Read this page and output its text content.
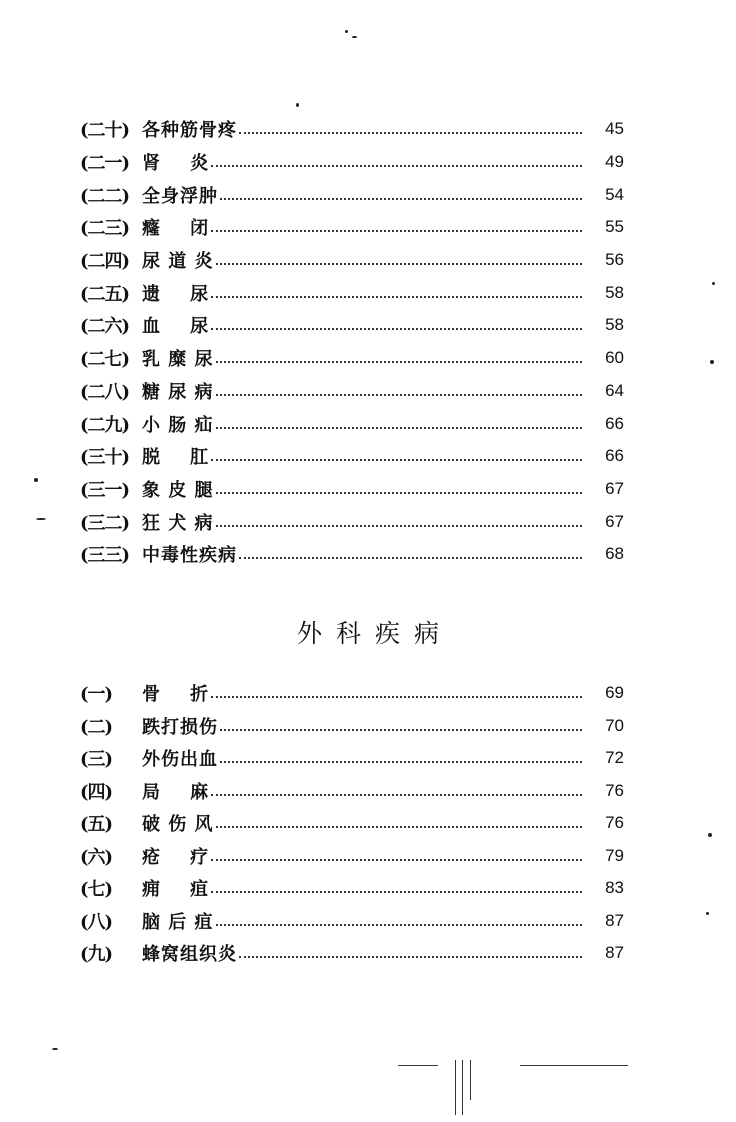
(二十) 各种筋骨疼	45
(二一) 肾    炎	49
(二二) 全身浮肿	54
(二三) 癃    闭	55
(二四) 尿 道 炎	56
(二五) 遗    尿	58
(二六) 血    尿	58
(二七) 乳 糜 尿	60
(二八) 糖 尿 病	64
(二九) 小 肠 疝	66
(三十) 脱    肛	66
(三一) 象 皮 腿	67
(三二) 狂 犬 病	67
(三三) 中毒性疾病	68
外科疾病
(一)	骨    折	69
(二)	跌打损伤	70
(三)	外伤出血	72
(四)	局    麻	76
(五)	破 伤 风	76
(六)	疮    疗	79
(七)	痈    疽	83
(八)	脑 后 疽	87
(九)	蜂窝组织炎	87
